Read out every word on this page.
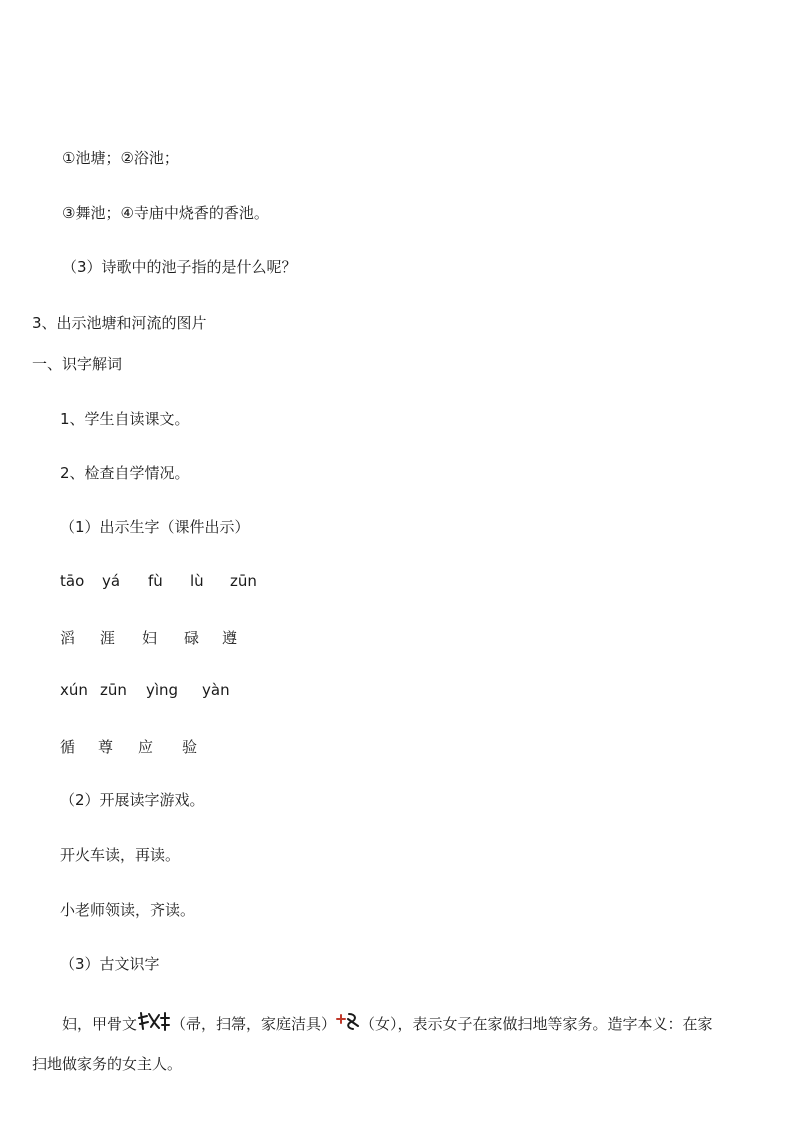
①池塘；②浴池；
③舞池；④寺庙中烧香的香池。
（3）诗歌中的池子指的是什么呢？
3、出示池塘和河流的图片
一、识字解词
1、学生自读课文。
2、检查自学情况。
（1）出示生字（课件出示）
tāo yá fù lù zūn
滔 涯 妇 碌 遵
xún zūn yìng yàn
循 尊 应 验
（2）开展读字游戏。
开火车读，再读。
小老师领读，齐读。
（3）古文识字
妇，甲骨文 （帚，扫箒，家庭洁具） （女），表示女子在家做扫地等家务。造字本义：在家
扫地做家务的女主人。
